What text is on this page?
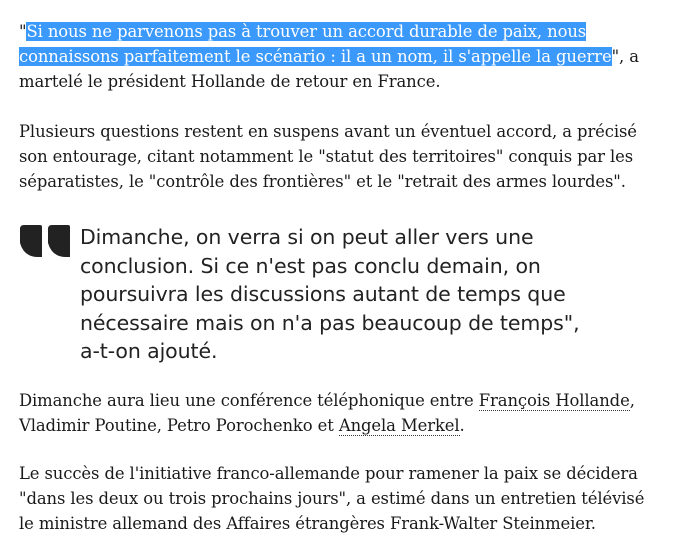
"Si nous ne parvenons pas à trouver un accord durable de paix, nous
connaissons parfaitement le scénario : il a un nom, il s'appelle la guerre", a
martelé le président Hollande de retour en France.

Plusieurs questions restent en suspens avant un éventuel accord, a précisé
son entourage, citant notamment le "statut des territoires" conquis par les
séparatistes, le "contrôle des frontières" et le "retrait des armes lourdes".

Dimanche, on verra si on peut aller vers une
conclusion. Si ce n'est pas conclu demain, on
poursuivra les discussions autant de temps que
nécessaire mais on n'a pas beaucoup de temps",
a-t-on ajouté.

Dimanche aura lieu une conférence téléphonique entre François Hollande,
Vladimir Poutine, Petro Porochenko et Angela Merkel.

Le succès de l'initiative franco-allemande pour ramener la paix se décidera
"dans les deux ou trois prochains jours", a estimé dans un entretien télévisé
le ministre allemand des Affaires étrangères Frank-Walter Steinmeier.
